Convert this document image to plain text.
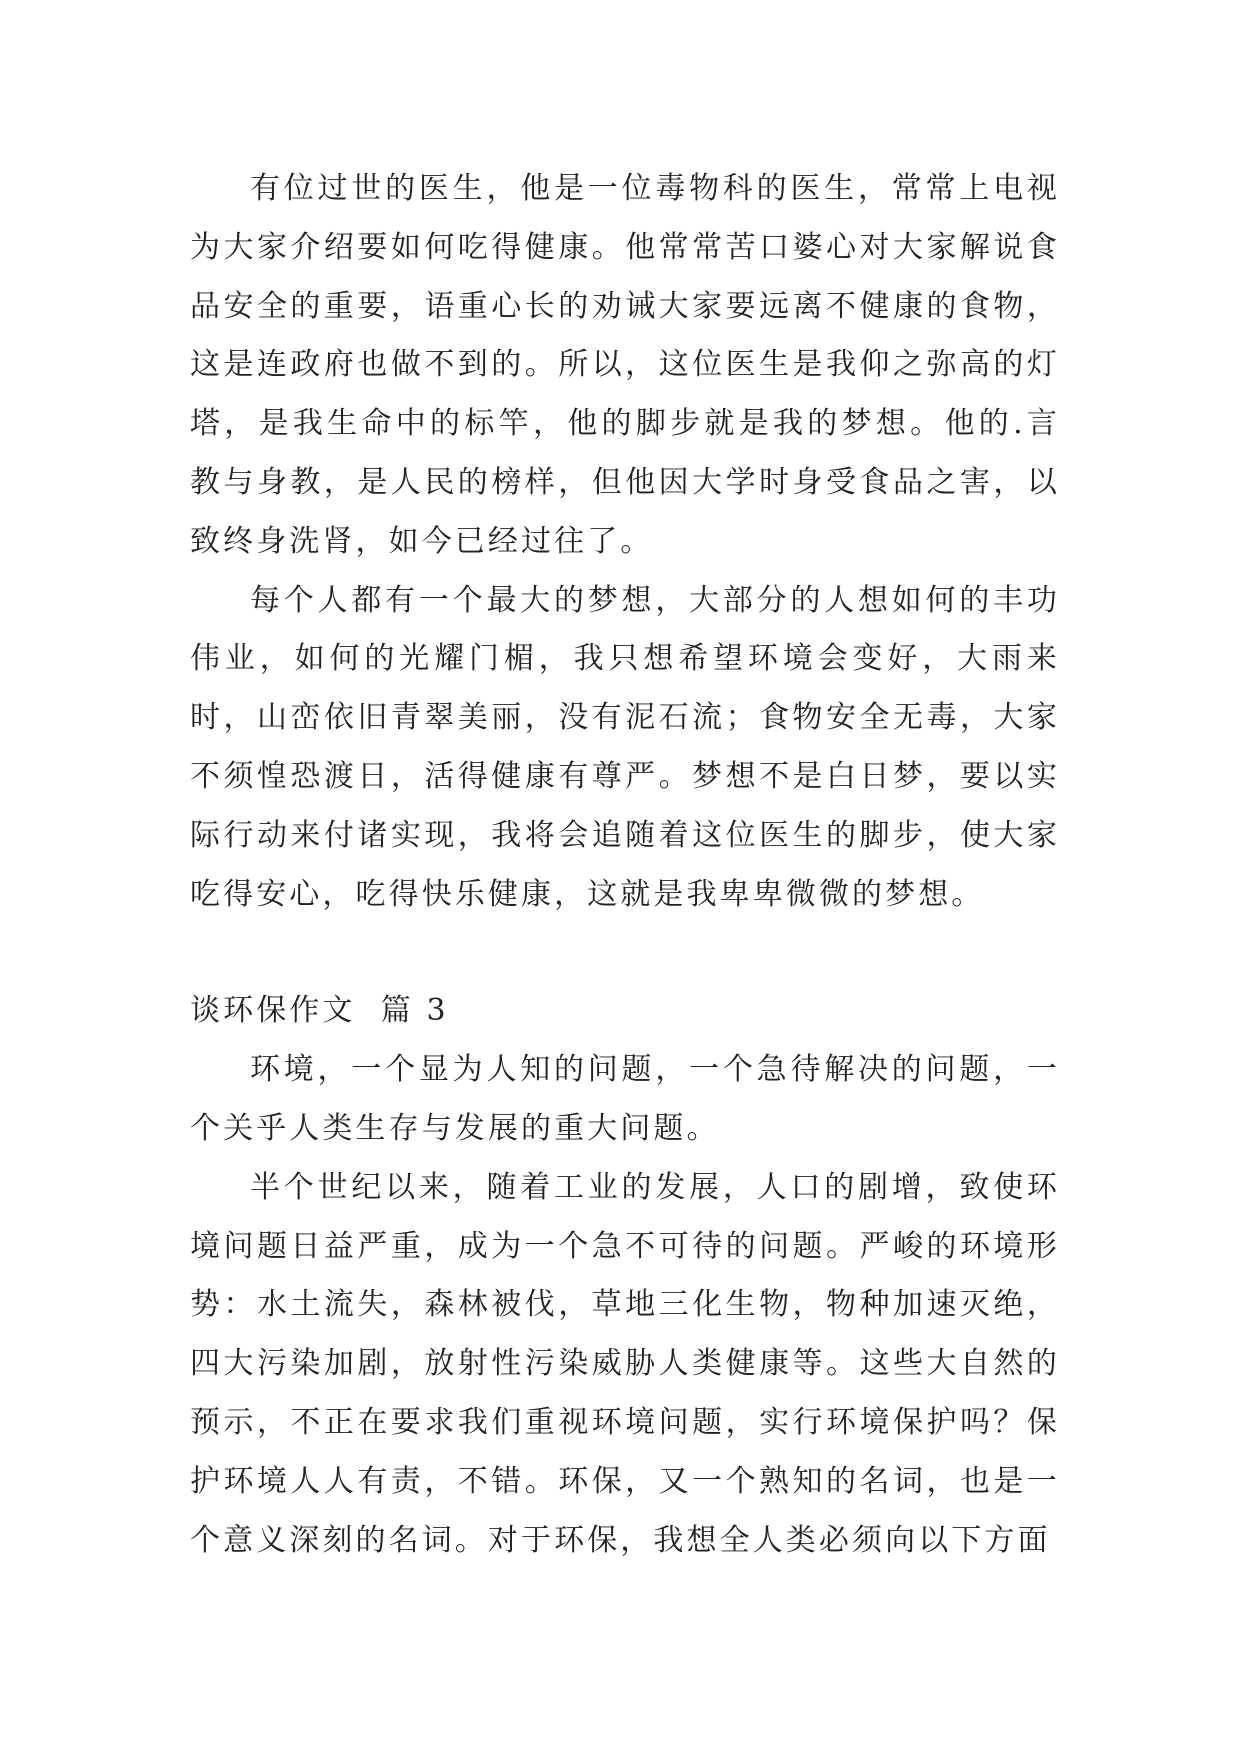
有位过世的医生，他是一位毒物科的医生，常常上电视为大家介绍要如何吃得健康。他常常苦口婆心对大家解说食品安全的重要，语重心长的劝诫大家要远离不健康的食物，这是连政府也做不到的。所以，这位医生是我仰之弥高的灯塔，是我生命中的标竿，他的脚步就是我的梦想。他的.言教与身教，是人民的榜样，但他因大学时身受食品之害，以致终身洗肾，如今已经过往了。

每个人都有一个最大的梦想，大部分的人想如何的丰功伟业，如何的光耀门楣，我只想希望环境会变好，大雨来时，山峦依旧青翠美丽，没有泥石流；食物安全无毒，大家不须惶恐渡日，活得健康有尊严。梦想不是白日梦，要以实际行动来付诸实现，我将会追随着这位医生的脚步，使大家吃得安心，吃得快乐健康，这就是我卑卑微微的梦想。

谈环保作文  篇 3

环境，一个显为人知的问题，一个急待解决的问题，一个关乎人类生存与发展的重大问题。

半个世纪以来，随着工业的发展，人口的剧增，致使环境问题日益严重，成为一个急不可待的问题。严峻的环境形势：水土流失，森林被伐，草地三化生物，物种加速灭绝，四大污染加剧，放射性污染威胁人类健康等。这些大自然的预示，不正在要求我们重视环境问题，实行环境保护吗？保护环境人人有责，不错。环保，又一个熟知的名词，也是一个意义深刻的名词。对于环保，我想全人类必须向以下方面
